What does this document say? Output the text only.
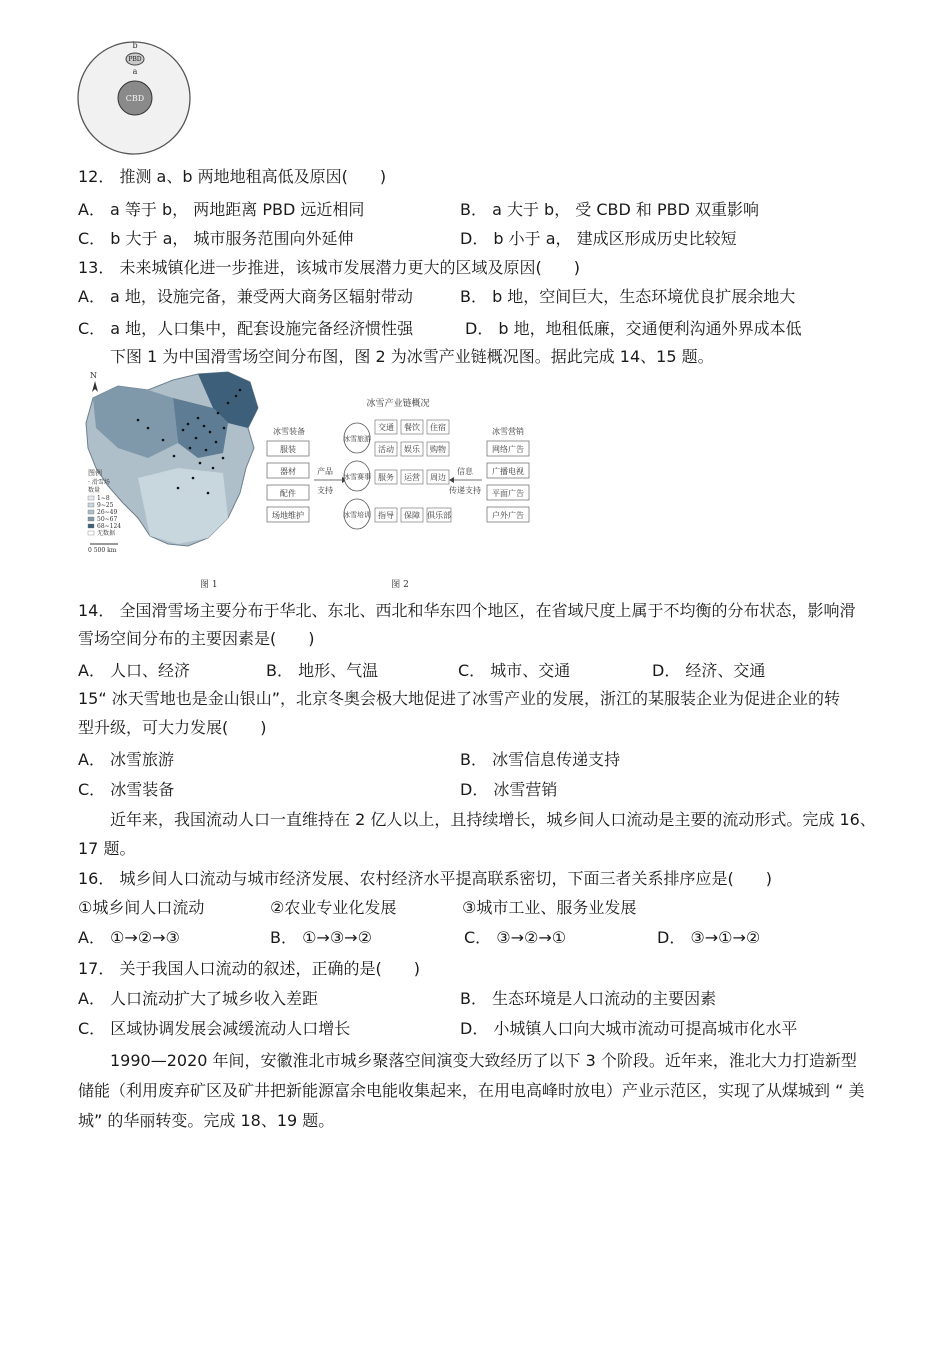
b
PBD
a
CBD
12． 推测 a、b 两地地租高低及原因(　　)
A． a 等于 b， 两地距离 PBD 远近相同	B． a 大于 b， 受 CBD 和 PBD 双重影响
C． b 大于 a， 城市服务范围向外延伸	D． b 小于 a， 建成区形成历史比较短
13． 未来城镇化进一步推进，该城市发展潜力更大的区域及原因(　　)
A． a 地，设施完备，兼受两大商务区辐射带动	B． b 地，空间巨大，生态环境优良扩展余地大
C． a 地，人口集中，配套设施完备经济惯性强	D． b 地，地租低廉，交通便利沟通外界成本低
下图 1 为中国滑雪场空间分布图，图 2 为冰雪产业链概况图。据此完成 14、15 题。
N
图例
· 滑雪场
数量
1~8
9~25
26~49
50~67
68~124
无数据
0 500 km
图 1
冰雪产业链概况
冰雪装备
服装
器材
配件
场地维护
产品
支持
冰雪旅游
冰雪赛事
冰雪培训
交通 餐饮 住宿
活动 娱乐 购物
服务 运营 周边
指导 保障 俱乐部
信息
传递支持
冰雪营销
网络广告
广播电视
平面广告
户外广告
图 2
14． 全国滑雪场主要分布于华北、东北、西北和华东四个地区，在省域尺度上属于不均衡的分布状态，影响滑
雪场空间分布的主要因素是(　　)
A． 人口、经济	B． 地形、气温	C． 城市、交通	D． 经济、交通
15“ 冰天雪地也是金山银山”，北京冬奥会极大地促进了冰雪产业的发展，浙江的某服装企业为促进企业的转
型升级，可大力发展(　　)
A． 冰雪旅游	B． 冰雪信息传递支持
C． 冰雪装备	D． 冰雪营销
近年来，我国流动人口一直维持在 2 亿人以上，且持续增长，城乡间人口流动是主要的流动形式。完成 16、
17 题。
16． 城乡间人口流动与城市经济发展、农村经济水平提高联系密切，下面三者关系排序应是(　　)
①城乡间人口流动	②农业专业化发展	③城市工业、服务业发展
A． ①→②→③	B． ①→③→②	C． ③→②→①	D． ③→①→②
17． 关于我国人口流动的叙述，正确的是(　　)
A． 人口流动扩大了城乡收入差距	B． 生态环境是人口流动的主要因素
C． 区域协调发展会减缓流动人口增长	D． 小城镇人口向大城市流动可提高城市化水平
1990—2020 年间，安徽淮北市城乡聚落空间演变大致经历了以下 3 个阶段。近年来，淮北大力打造新型
储能（利用废弃矿区及矿井把新能源富余电能收集起来，在用电高峰时放电）产业示范区，实现了从煤城到 “ 美
城” 的华丽转变。完成 18、19 题。
